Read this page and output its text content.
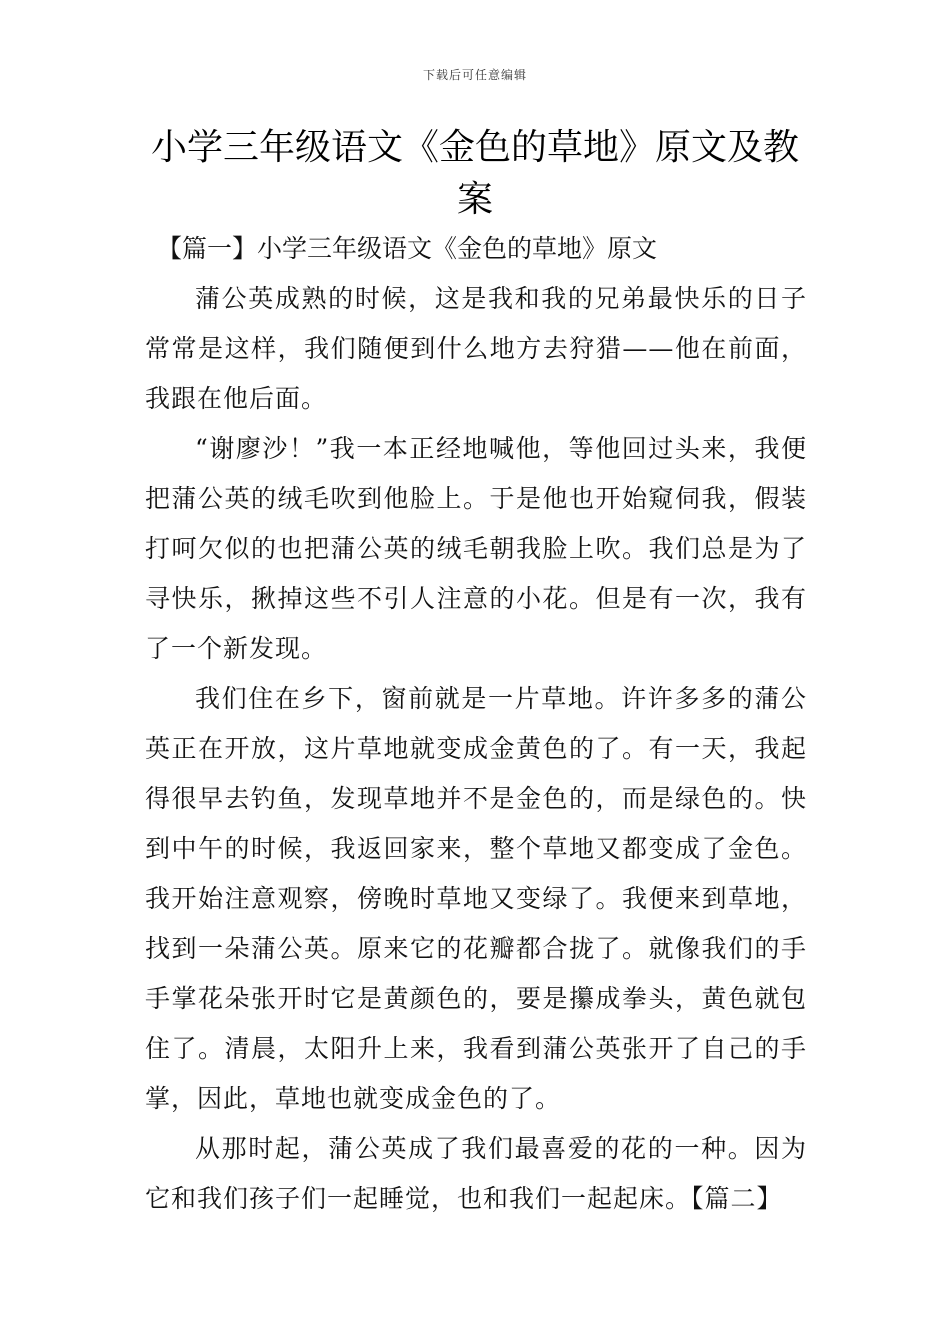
下载后可任意编辑
小学三年级语文《金色的草地》原文及教案

【篇一】小学三年级语文《金色的草地》原文

蒲公英成熟的时候，这是我和我的兄弟最快乐的日子常常是这样，我们随便到什么地方去狩猎——他在前面，我跟在他后面。

“谢廖沙！”我一本正经地喊他，等他回过头来，我便把蒲公英的绒毛吹到他脸上。于是他也开始窥伺我，假装打呵欠似的也把蒲公英的绒毛朝我脸上吹。我们总是为了寻快乐，揪掉这些不引人注意的小花。但是有一次，我有了一个新发现。

我们住在乡下，窗前就是一片草地。许许多多的蒲公英正在开放，这片草地就变成金黄色的了。有一天，我起得很早去钓鱼，发现草地并不是金色的，而是绿色的。快到中午的时候，我返回家来，整个草地又都变成了金色。我开始注意观察，傍晚时草地又变绿了。我便来到草地，找到一朵蒲公英。原来它的花瓣都合拢了。就像我们的手手掌花朵张开时它是黄颜色的，要是攥成拳头，黄色就包住了。清晨，太阳升上来，我看到蒲公英张开了自己的手掌，因此，草地也就变成金色的了。

从那时起，蒲公英成了我们最喜爱的花的一种。因为它和我们孩子们一起睡觉，也和我们一起起床。【篇二】
